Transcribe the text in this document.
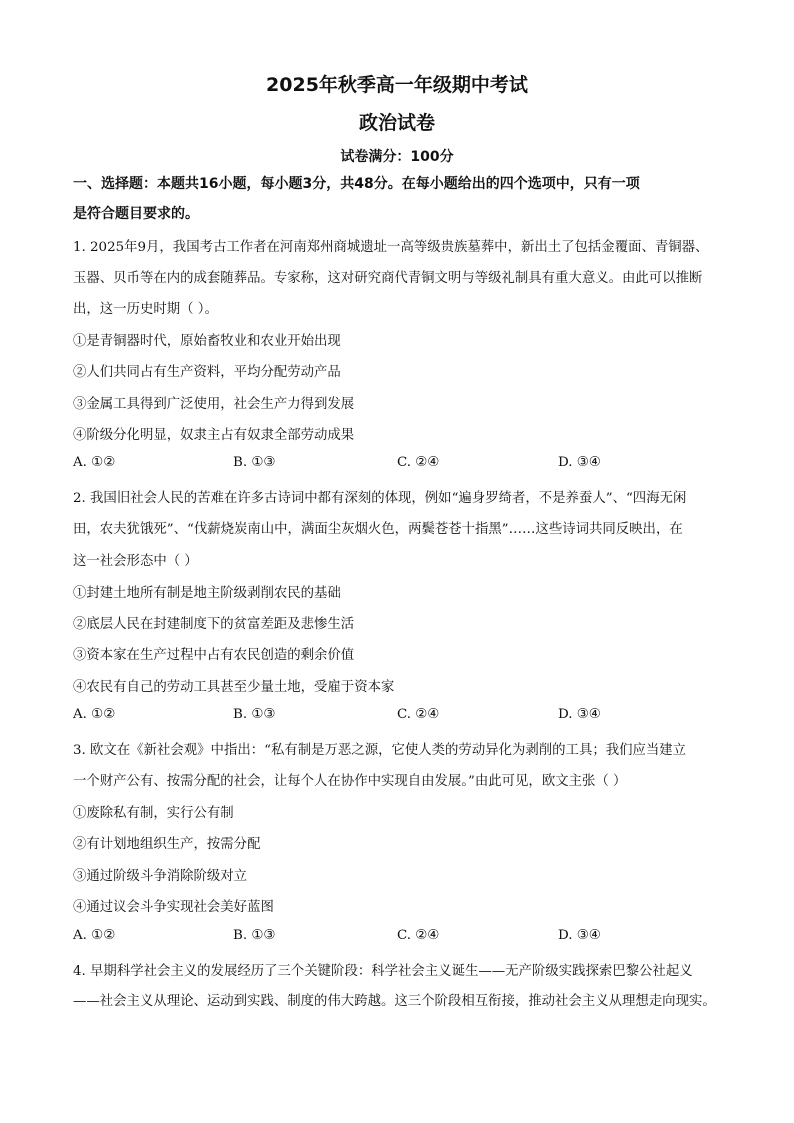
2025年秋季高一年级期中考试
政治试卷
试卷满分：100分
一、选择题：本题共16小题，每小题3分，共48分。在每小题给出的四个选项中，只有一项
是符合题目要求的。
1. 2025年9月，我国考古工作者在河南郑州商城遗址一高等级贵族墓葬中，新出土了包括金覆面、青铜器、
玉器、贝币等在内的成套随葬品。专家称，这对研究商代青铜文明与等级礼制具有重大意义。由此可以推断
出，这一历史时期（ ）。
①是青铜器时代，原始畜牧业和农业开始出现
②人们共同占有生产资料，平均分配劳动产品
③金属工具得到广泛使用，社会生产力得到发展
④阶级分化明显，奴隶主占有奴隶全部劳动成果
A. ①②	B. ①③	C. ②④	D. ③④
2. 我国旧社会人民的苦难在许多古诗词中都有深刻的体现，例如“遍身罗绮者，不是养蚕人”、“四海无闲
田，农夫犹饿死”、“伐薪烧炭南山中，满面尘灰烟火色，两鬓苍苍十指黑”……这些诗词共同反映出，在
这一社会形态中（ ）
①封建土地所有制是地主阶级剥削农民的基础
②底层人民在封建制度下的贫富差距及悲惨生活
③资本家在生产过程中占有农民创造的剩余价值
④农民有自己的劳动工具甚至少量土地，受雇于资本家
A. ①②	B. ①③	C. ②④	D. ③④
3. 欧文在《新社会观》中指出：“私有制是万恶之源，它使人类的劳动异化为剥削的工具；我们应当建立
一个财产公有、按需分配的社会，让每个人在协作中实现自由发展。”由此可见，欧文主张（ ）
①废除私有制，实行公有制
②有计划地组织生产，按需分配
③通过阶级斗争消除阶级对立
④通过议会斗争实现社会美好蓝图
A. ①②	B. ①③	C. ②④	D. ③④
4. 早期科学社会主义的发展经历了三个关键阶段：科学社会主义诞生——无产阶级实践探索巴黎公社起义
——社会主义从理论、运动到实践、制度的伟大跨越。这三个阶段相互衔接，推动社会主义从理想走向现实。
